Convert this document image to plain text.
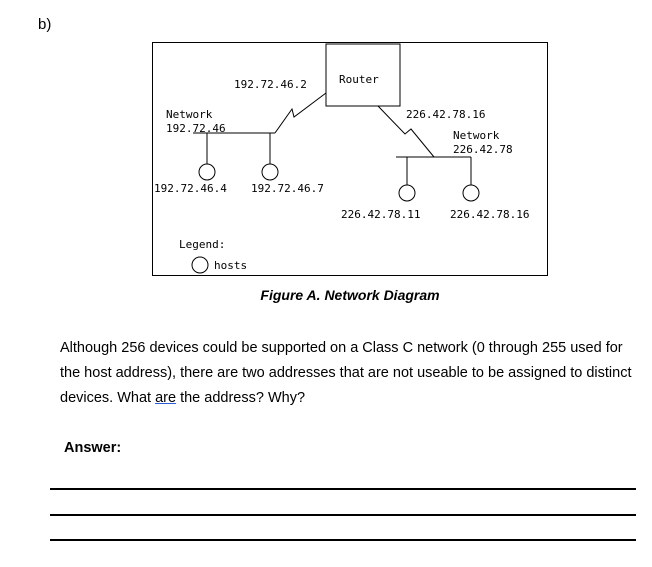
b)
Router
192.72.46.2
Network
192.72.46
226.42.78.16
Network
226.42.78
192.72.46.4 192.72.46.7
226.42.78.11	226.42.78.16
Legend:
hosts
Figure A. Network Diagram
Although 256 devices could be supported on a Class C network (0 through 255 used for the host address), there are two addresses that are not useable to be assigned to distinct devices. What are the address? Why?
Answer:
